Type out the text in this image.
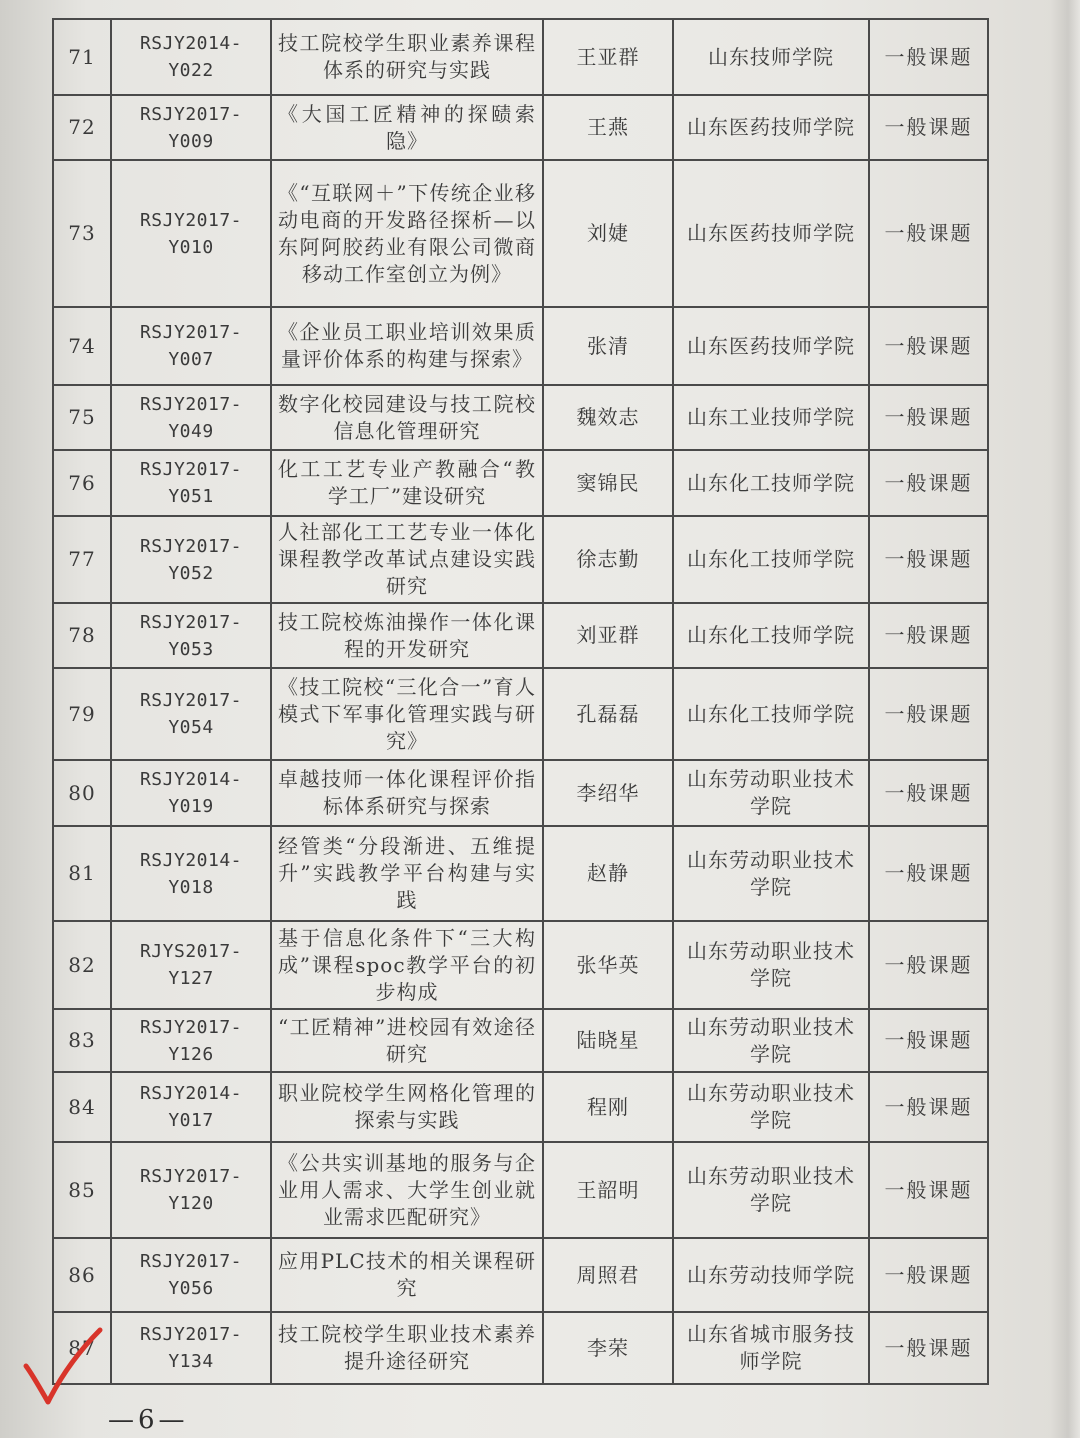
71	RSJY2014-Y022	技工院校学生职业素养课程体系的研究与实践	王亚群	山东技师学院	一般课题
72	RSJY2017-Y009	《大国工匠精神的探赜索隐》	王燕	山东医药技师学院	一般课题
73	RSJY2017-Y010	《“互联网＋”下传统企业移动电商的开发路径探析—以东阿阿胶药业有限公司微商移动工作室创立为例》	刘婕	山东医药技师学院	一般课题
74	RSJY2017-Y007	《企业员工职业培训效果质量评价体系的构建与探索》	张清	山东医药技师学院	一般课题
75	RSJY2017-Y049	数字化校园建设与技工院校信息化管理研究	魏效志	山东工业技师学院	一般课题
76	RSJY2017-Y051	化工工艺专业产教融合“教学工厂”建设研究	窦锦民	山东化工技师学院	一般课题
77	RSJY2017-Y052	人社部化工工艺专业一体化课程教学改革试点建设实践研究	徐志勤	山东化工技师学院	一般课题
78	RSJY2017-Y053	技工院校炼油操作一体化课程的开发研究	刘亚群	山东化工技师学院	一般课题
79	RSJY2017-Y054	《技工院校“三化合一”育人模式下军事化管理实践与研究》	孔磊磊	山东化工技师学院	一般课题
80	RSJY2014-Y019	卓越技师一体化课程评价指标体系研究与探索	李绍华	山东劳动职业技术学院	一般课题
81	RSJY2014-Y018	经管类“分段渐进、五维提升”实践教学平台构建与实践	赵静	山东劳动职业技术学院	一般课题
82	RJYS2017-Y127	基于信息化条件下“三大构成”课程spoc教学平台的初步构成	张华英	山东劳动职业技术学院	一般课题
83	RSJY2017-Y126	“工匠精神”进校园有效途径研究	陆晓星	山东劳动职业技术学院	一般课题
84	RSJY2014-Y017	职业院校学生网格化管理的探索与实践	程刚	山东劳动职业技术学院	一般课题
85	RSJY2017-Y120	《公共实训基地的服务与企业用人需求、大学生创业就业需求匹配研究》	王韶明	山东劳动职业技术学院	一般课题
86	RSJY2017-Y056	应用PLC技术的相关课程研究	周照君	山东劳动技师学院	一般课题
87	RSJY2017-Y134	技工院校学生职业技术素养提升途径研究	李荣	山东省城市服务技师学院	一般课题
—6—
